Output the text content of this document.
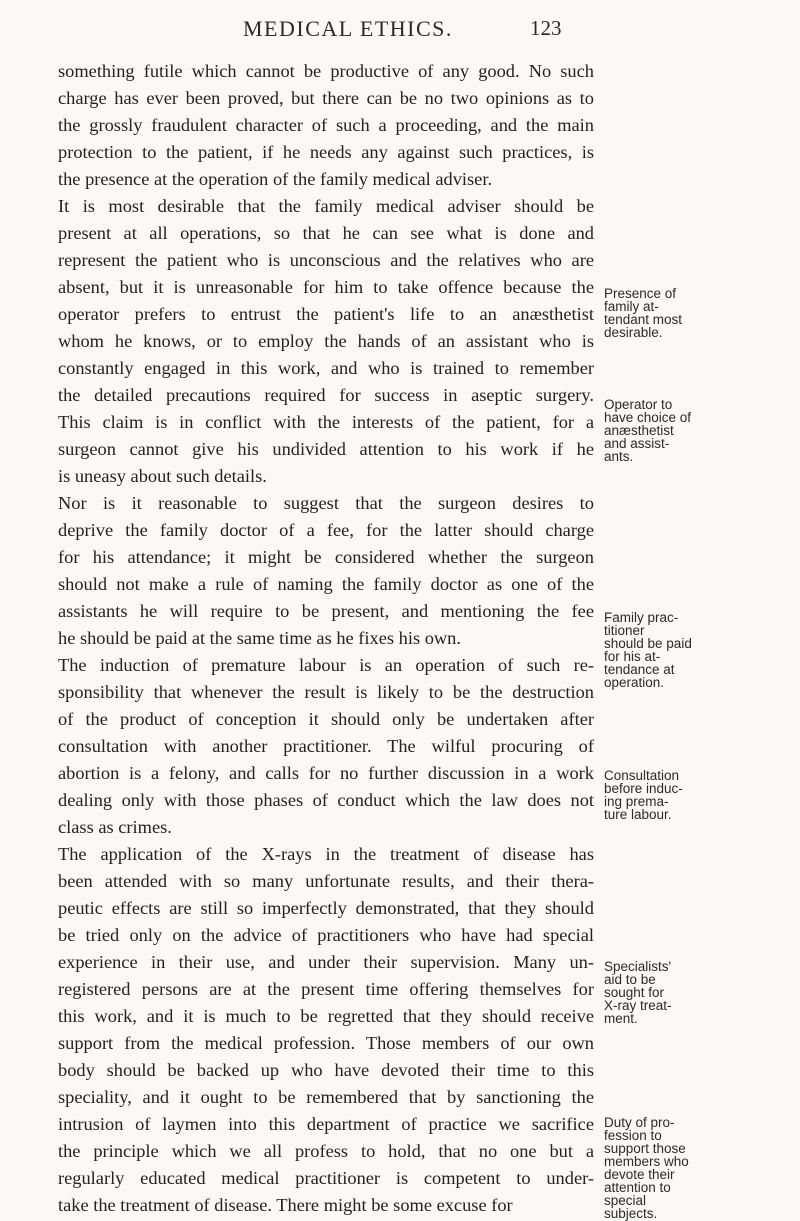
MEDICAL ETHICS.	123
something futile which cannot be productive of any good. No such
charge has ever been proved, but there can be no two opinions as to
the grossly fraudulent character of such a proceeding, and the main
protection to the patient, if he needs any against such practices, is
the presence at the operation of the family medical adviser.
It is most desirable that the family medical adviser should be
present at all operations, so that he can see what is done and
represent the patient who is unconscious and the relatives who are
absent, but it is unreasonable for him to take offence because the
operator prefers to entrust the patient's life to an anæsthetist
whom he knows, or to employ the hands of an assistant who is
constantly engaged in this work, and who is trained to remember
the detailed precautions required for success in aseptic surgery.
This claim is in conflict with the interests of the patient, for a
surgeon cannot give his undivided attention to his work if he
is uneasy about such details.
Nor is it reasonable to suggest that the surgeon desires to
deprive the family doctor of a fee, for the latter should charge
for his attendance; it might be considered whether the surgeon
should not make a rule of naming the family doctor as one of the
assistants he will require to be present, and mentioning the fee
he should be paid at the same time as he fixes his own.
The induction of premature labour is an operation of such re-
sponsibility that whenever the result is likely to be the destruction
of the product of conception it should only be undertaken after
consultation with another practitioner. The wilful procuring of
abortion is a felony, and calls for no further discussion in a work
dealing only with those phases of conduct which the law does not
class as crimes.
The application of the X-rays in the treatment of disease has
been attended with so many unfortunate results, and their thera-
peutic effects are still so imperfectly demonstrated, that they should
be tried only on the advice of practitioners who have had special
experience in their use, and under their supervision. Many un-
registered persons are at the present time offering themselves for
this work, and it is much to be regretted that they should receive
support from the medical profession. Those members of our own
body should be backed up who have devoted their time to this
speciality, and it ought to be remembered that by sanctioning the
intrusion of laymen into this department of practice we sacrifice
the principle which we all profess to hold, that no one but a
regularly educated medical practitioner is competent to under-
take the treatment of disease. There might be some excuse for
Presence of
family at-
tendant most
desirable.
Operator to
have choice of
anæsthetist
and assist-
ants.
Family prac-
titioner
should be paid
for his at-
tendance at
operation.
Consultation
before induc-
ing prema-
ture labour.
Specialists'
aid to be
sought for
X-ray treat-
ment.
Duty of pro-
fession to
support those
members who
devote their
attention to
special
subjects.
